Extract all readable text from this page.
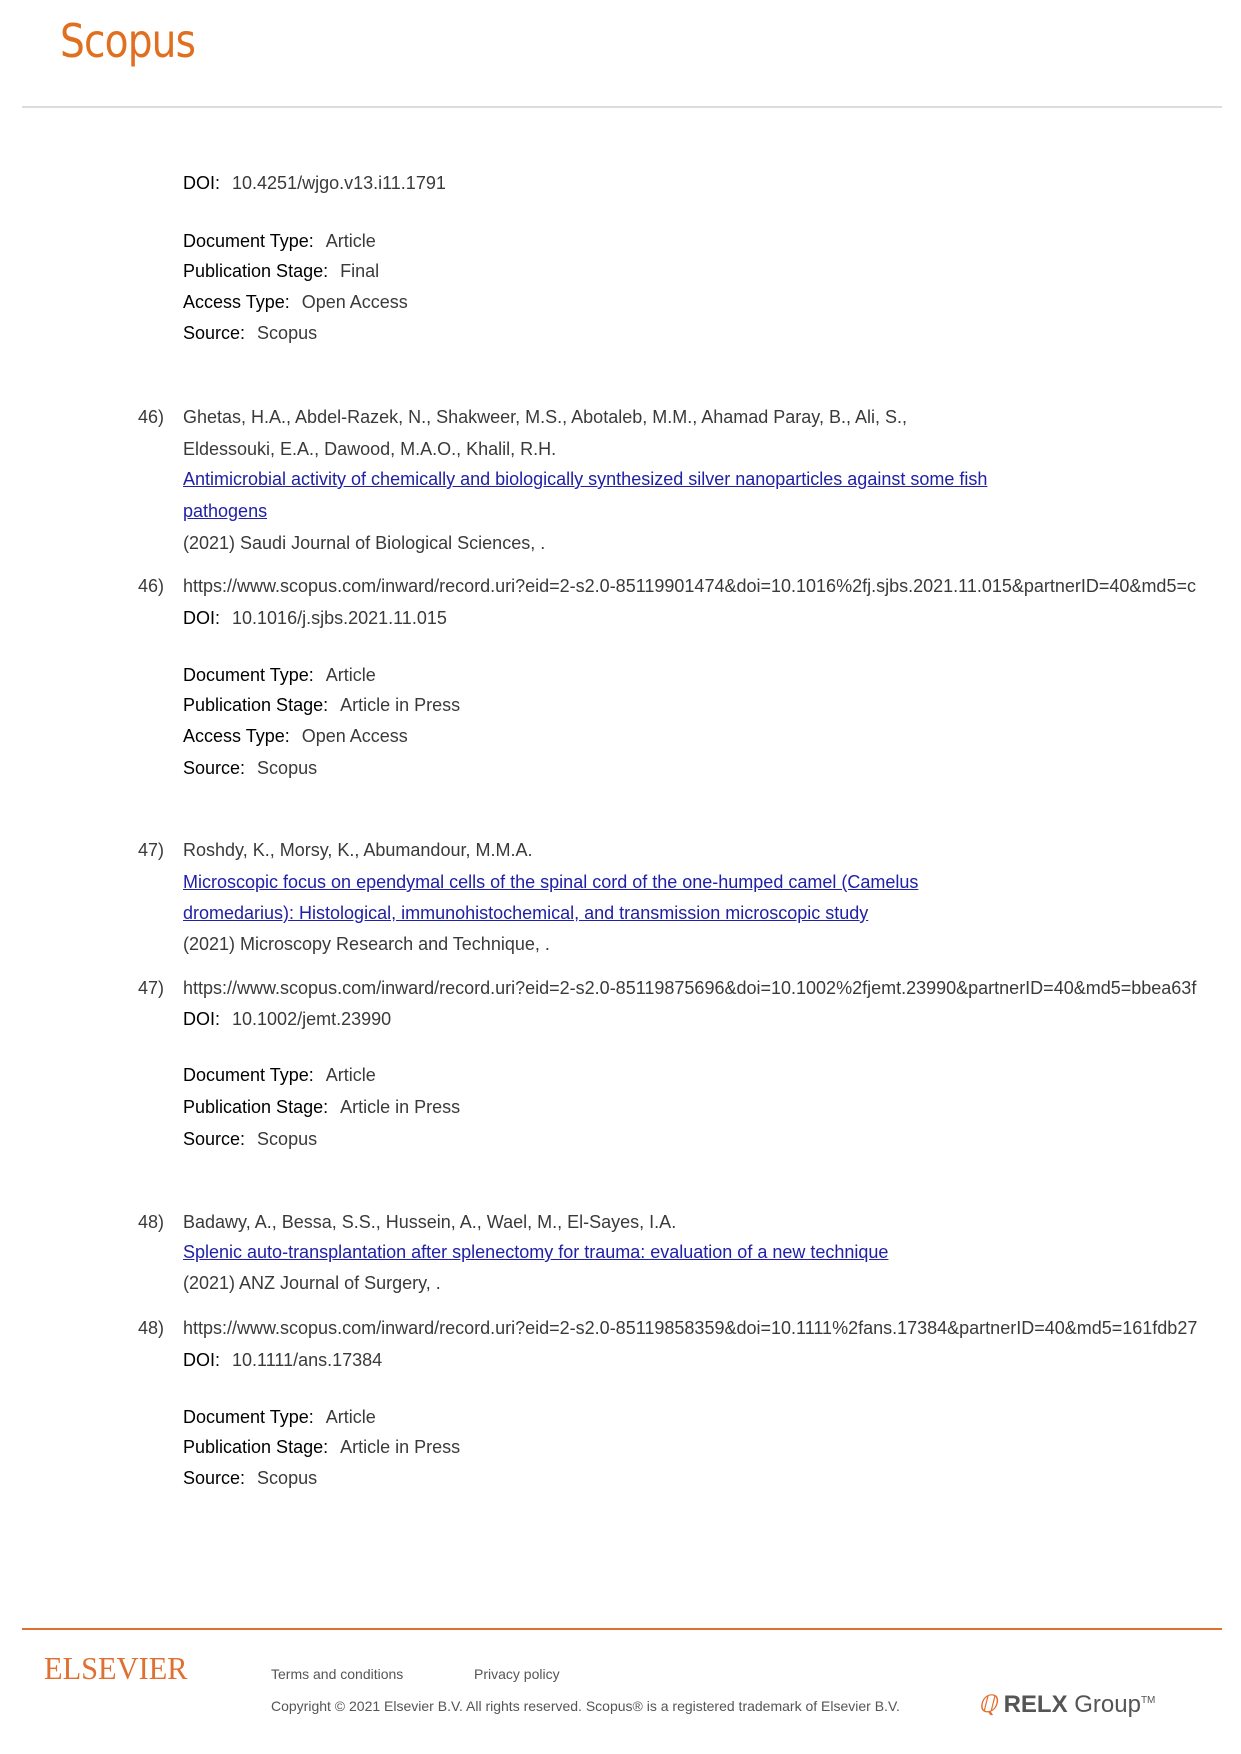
Scopus
DOI: 10.4251/wjgo.v13.i11.1791
Document Type: Article
Publication Stage: Final
Access Type: Open Access
Source: Scopus
46) Ghetas, H.A., Abdel-Razek, N., Shakweer, M.S., Abotaleb, M.M., Ahamad Paray, B., Ali, S.,
Eldessouki, E.A., Dawood, M.A.O., Khalil, R.H.
Antimicrobial activity of chemically and biologically synthesized silver nanoparticles against some fish
pathogens
(2021) Saudi Journal of Biological Sciences, .
46) https://www.scopus.com/inward/record.uri?eid=2-s2.0-85119901474&doi=10.1016%2fj.sjbs.2021.11.015&partnerID=40&md5=c
DOI: 10.1016/j.sjbs.2021.11.015
Document Type: Article
Publication Stage: Article in Press
Access Type: Open Access
Source: Scopus
47) Roshdy, K., Morsy, K., Abumandour, M.M.A.
Microscopic focus on ependymal cells of the spinal cord of the one-humped camel (Camelus
dromedarius): Histological, immunohistochemical, and transmission microscopic study
(2021) Microscopy Research and Technique, .
47) https://www.scopus.com/inward/record.uri?eid=2-s2.0-85119875696&doi=10.1002%2fjemt.23990&partnerID=40&md5=bbea63f
DOI: 10.1002/jemt.23990
Document Type: Article
Publication Stage: Article in Press
Source: Scopus
48) Badawy, A., Bessa, S.S., Hussein, A., Wael, M., El-Sayes, I.A.
Splenic auto-transplantation after splenectomy for trauma: evaluation of a new technique
(2021) ANZ Journal of Surgery, .
48) https://www.scopus.com/inward/record.uri?eid=2-s2.0-85119858359&doi=10.1111%2fans.17384&partnerID=40&md5=161fdb27
DOI: 10.1111/ans.17384
Document Type: Article
Publication Stage: Article in Press
Source: Scopus
ELSEVIER	Terms and conditions	Privacy policy
Copyright © 2021 Elsevier B.V. All rights reserved. Scopus® is a registered trademark of Elsevier B.V.	ℚ RELX Group™
